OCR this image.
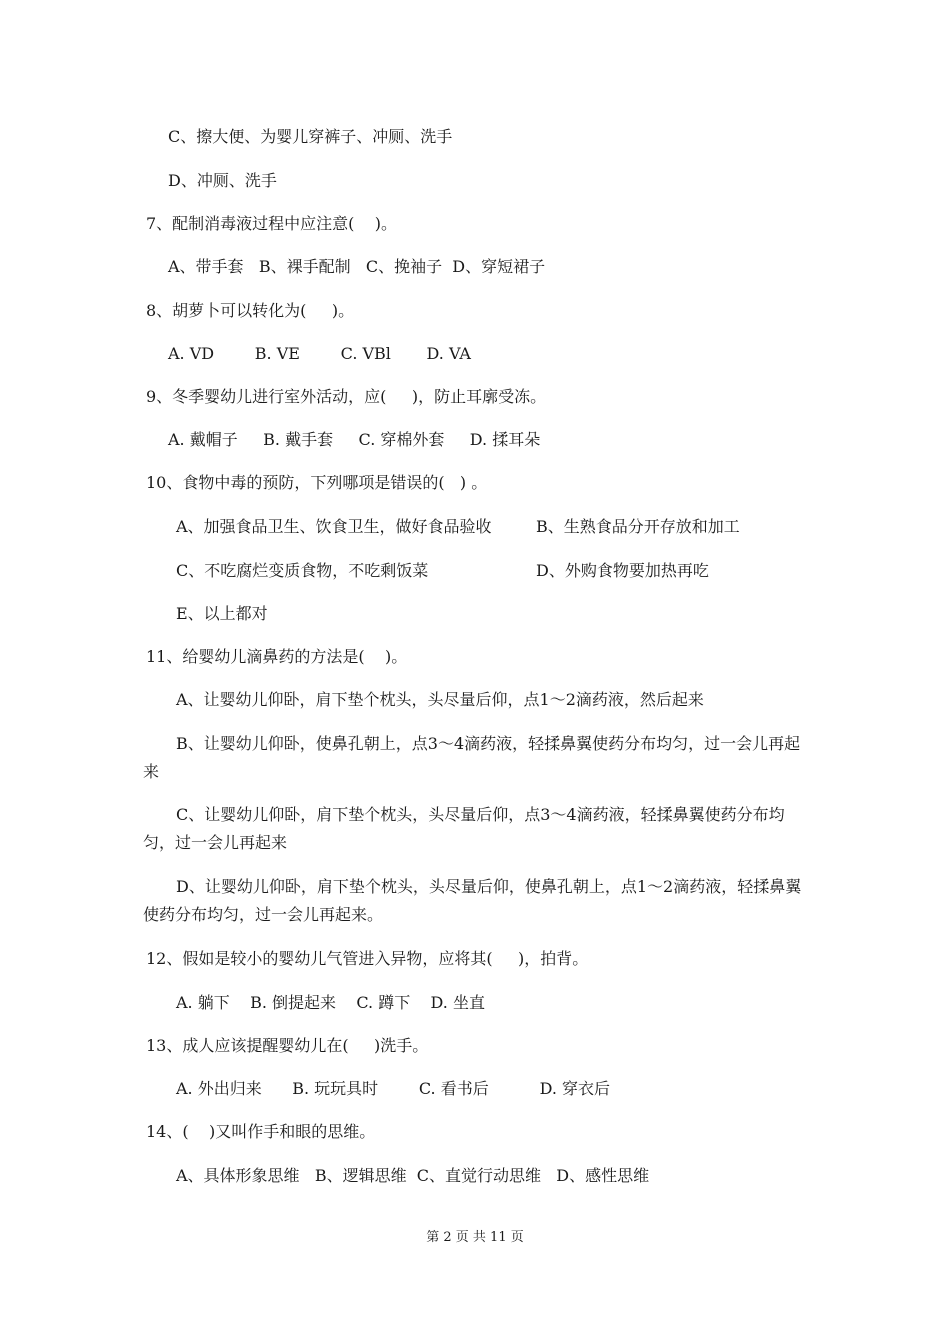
C、擦大便、为婴儿穿裤子、冲厕、洗手

D、冲厕、洗手

7、配制消毒液过程中应注意(    )。

A、带手套   B、裸手配制   C、挽袖子  D、穿短裙子

8、胡萝卜可以转化为(     )。

A. VD        B. VE        C. VBl       D. VA

9、冬季婴幼儿进行室外活动，应(     )，防止耳廓受冻。

A. 戴帽子     B. 戴手套     C. 穿棉外套     D. 揉耳朵

10、食物中毒的预防，下列哪项是错误的(   ) 。

A、加强食品卫生、饮食卫生，做好食品验收	B、生熟食品分开存放和加工

C、不吃腐烂变质食物，不吃剩饭菜	D、外购食物要加热再吃

E、以上都对

11、给婴幼儿滴鼻药的方法是(    )。

A、让婴幼儿仰卧，肩下垫个枕头，头尽量后仰，点1～2滴药液，然后起来

B、让婴幼儿仰卧，使鼻孔朝上，点3～4滴药液，轻揉鼻翼使药分布均匀，过一会儿再起来

C、让婴幼儿仰卧，肩下垫个枕头，头尽量后仰，点3～4滴药液，轻揉鼻翼使药分布均匀，过一会儿再起来

D、让婴幼儿仰卧，肩下垫个枕头，头尽量后仰，使鼻孔朝上，点1～2滴药液，轻揉鼻翼使药分布均匀，过一会儿再起来。

12、假如是较小的婴幼儿气管进入异物，应将其(     )，拍背。

A. 躺下    B. 倒提起来    C. 蹲下    D. 坐直

13、成人应该提醒婴幼儿在(     )洗手。

A. 外出归来      B. 玩玩具时        C. 看书后          D. 穿衣后

14、(    )又叫作手和眼的思维。

A、具体形象思维   B、逻辑思维  C、直觉行动思维   D、感性思维

第 2 页 共 11 页
